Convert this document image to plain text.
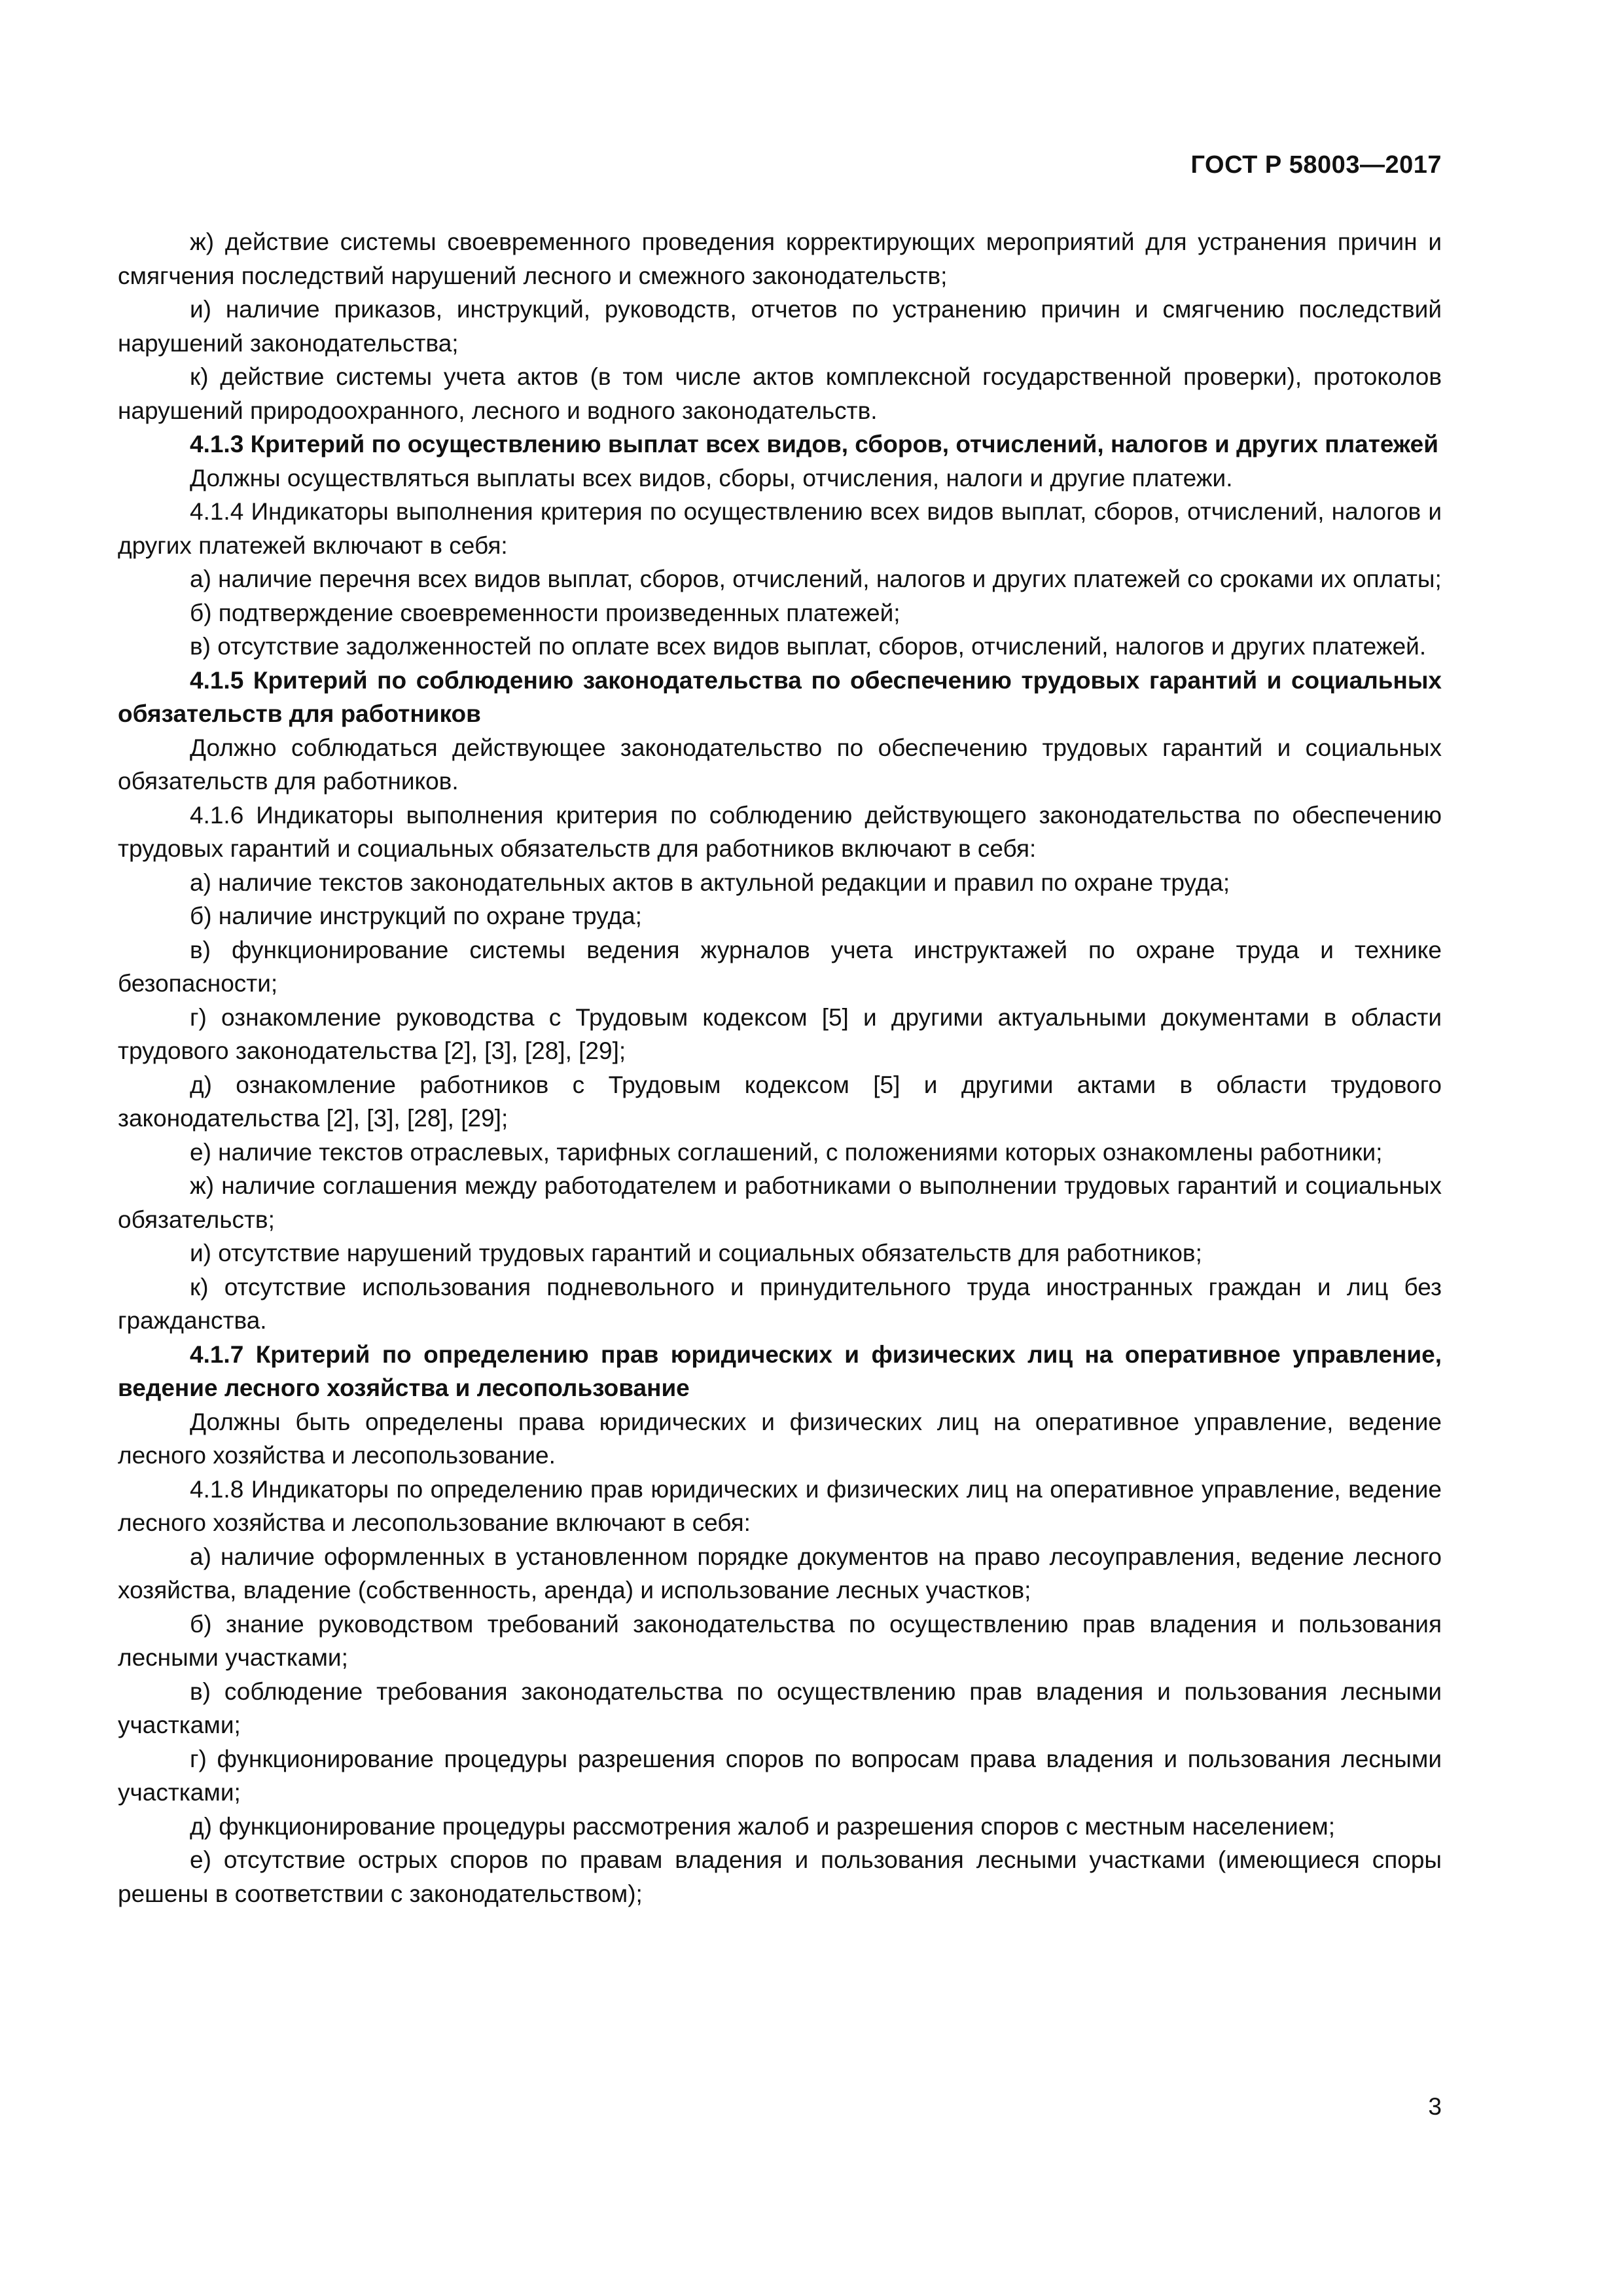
ГОСТ Р 58003—2017

ж) действие системы своевременного проведения корректирующих мероприятий для устранения причин и смягчения последствий нарушений лесного и смежного законодательств;

и) наличие приказов, инструкций, руководств, отчетов по устранению причин и смягчению последствий нарушений законодательства;

к) действие системы учета актов (в том числе актов комплексной государственной проверки), протоколов нарушений природоохранного, лесного и водного законодательств.

4.1.3 Критерий по осуществлению выплат всех видов, сборов, отчислений, налогов и других платежей

Должны осуществляться выплаты всех видов, сборы, отчисления, налоги и другие платежи.

4.1.4 Индикаторы выполнения критерия по осуществлению всех видов выплат, сборов, отчислений, налогов и других платежей включают в себя:

а) наличие перечня всех видов выплат, сборов, отчислений, налогов и других платежей со сроками их оплаты;

б) подтверждение своевременности произведенных платежей;

в) отсутствие задолженностей по оплате всех видов выплат, сборов, отчислений, налогов и других платежей.

4.1.5 Критерий по соблюдению законодательства по обеспечению трудовых гарантий и социальных обязательств для работников

Должно соблюдаться действующее законодательство по обеспечению трудовых гарантий и социальных обязательств для работников.

4.1.6 Индикаторы выполнения критерия по соблюдению действующего законодательства по обеспечению трудовых гарантий и социальных обязательств для работников включают в себя:

а) наличие текстов законодательных актов в актульной редакции и правил по охране труда;

б) наличие инструкций по охране труда;

в) функционирование системы ведения журналов учета инструктажей по охране труда и технике безопасности;

г) ознакомление руководства с Трудовым кодексом [5] и другими актуальными документами в области трудового законодательства [2], [3], [28], [29];

д) ознакомление работников с Трудовым кодексом [5] и другими актами в области трудового законодательства [2], [3], [28], [29];

е) наличие текстов отраслевых, тарифных соглашений, с положениями которых ознакомлены работники;

ж) наличие соглашения между работодателем и работниками о выполнении трудовых гарантий и социальных обязательств;

и) отсутствие нарушений трудовых гарантий и социальных обязательств для работников;

к) отсутствие использования подневольного и принудительного труда иностранных граждан и лиц без гражданства.

4.1.7 Критерий по определению прав юридических и физических лиц на оперативное управление, ведение лесного хозяйства и лесопользование

Должны быть определены права юридических и физических лиц на оперативное управление, ведение лесного хозяйства и лесопользование.

4.1.8 Индикаторы по определению прав юридических и физических лиц на оперативное управление, ведение лесного хозяйства и лесопользование включают в себя:

а) наличие оформленных в установленном порядке документов на право лесоуправления, ведение лесного хозяйства, владение (собственность, аренда) и использование лесных участков;

б) знание руководством требований законодательства по осуществлению прав владения и пользования лесными участками;

в) соблюдение требования законодательства по осуществлению прав владения и пользования лесными участками;

г) функционирование процедуры разрешения споров по вопросам права владения и пользования лесными участками;

д) функционирование процедуры рассмотрения жалоб и разрешения споров с местным населением;

е) отсутствие острых споров по правам владения и пользования лесными участками (имеющиеся споры решены в соответствии с законодательством);

3
